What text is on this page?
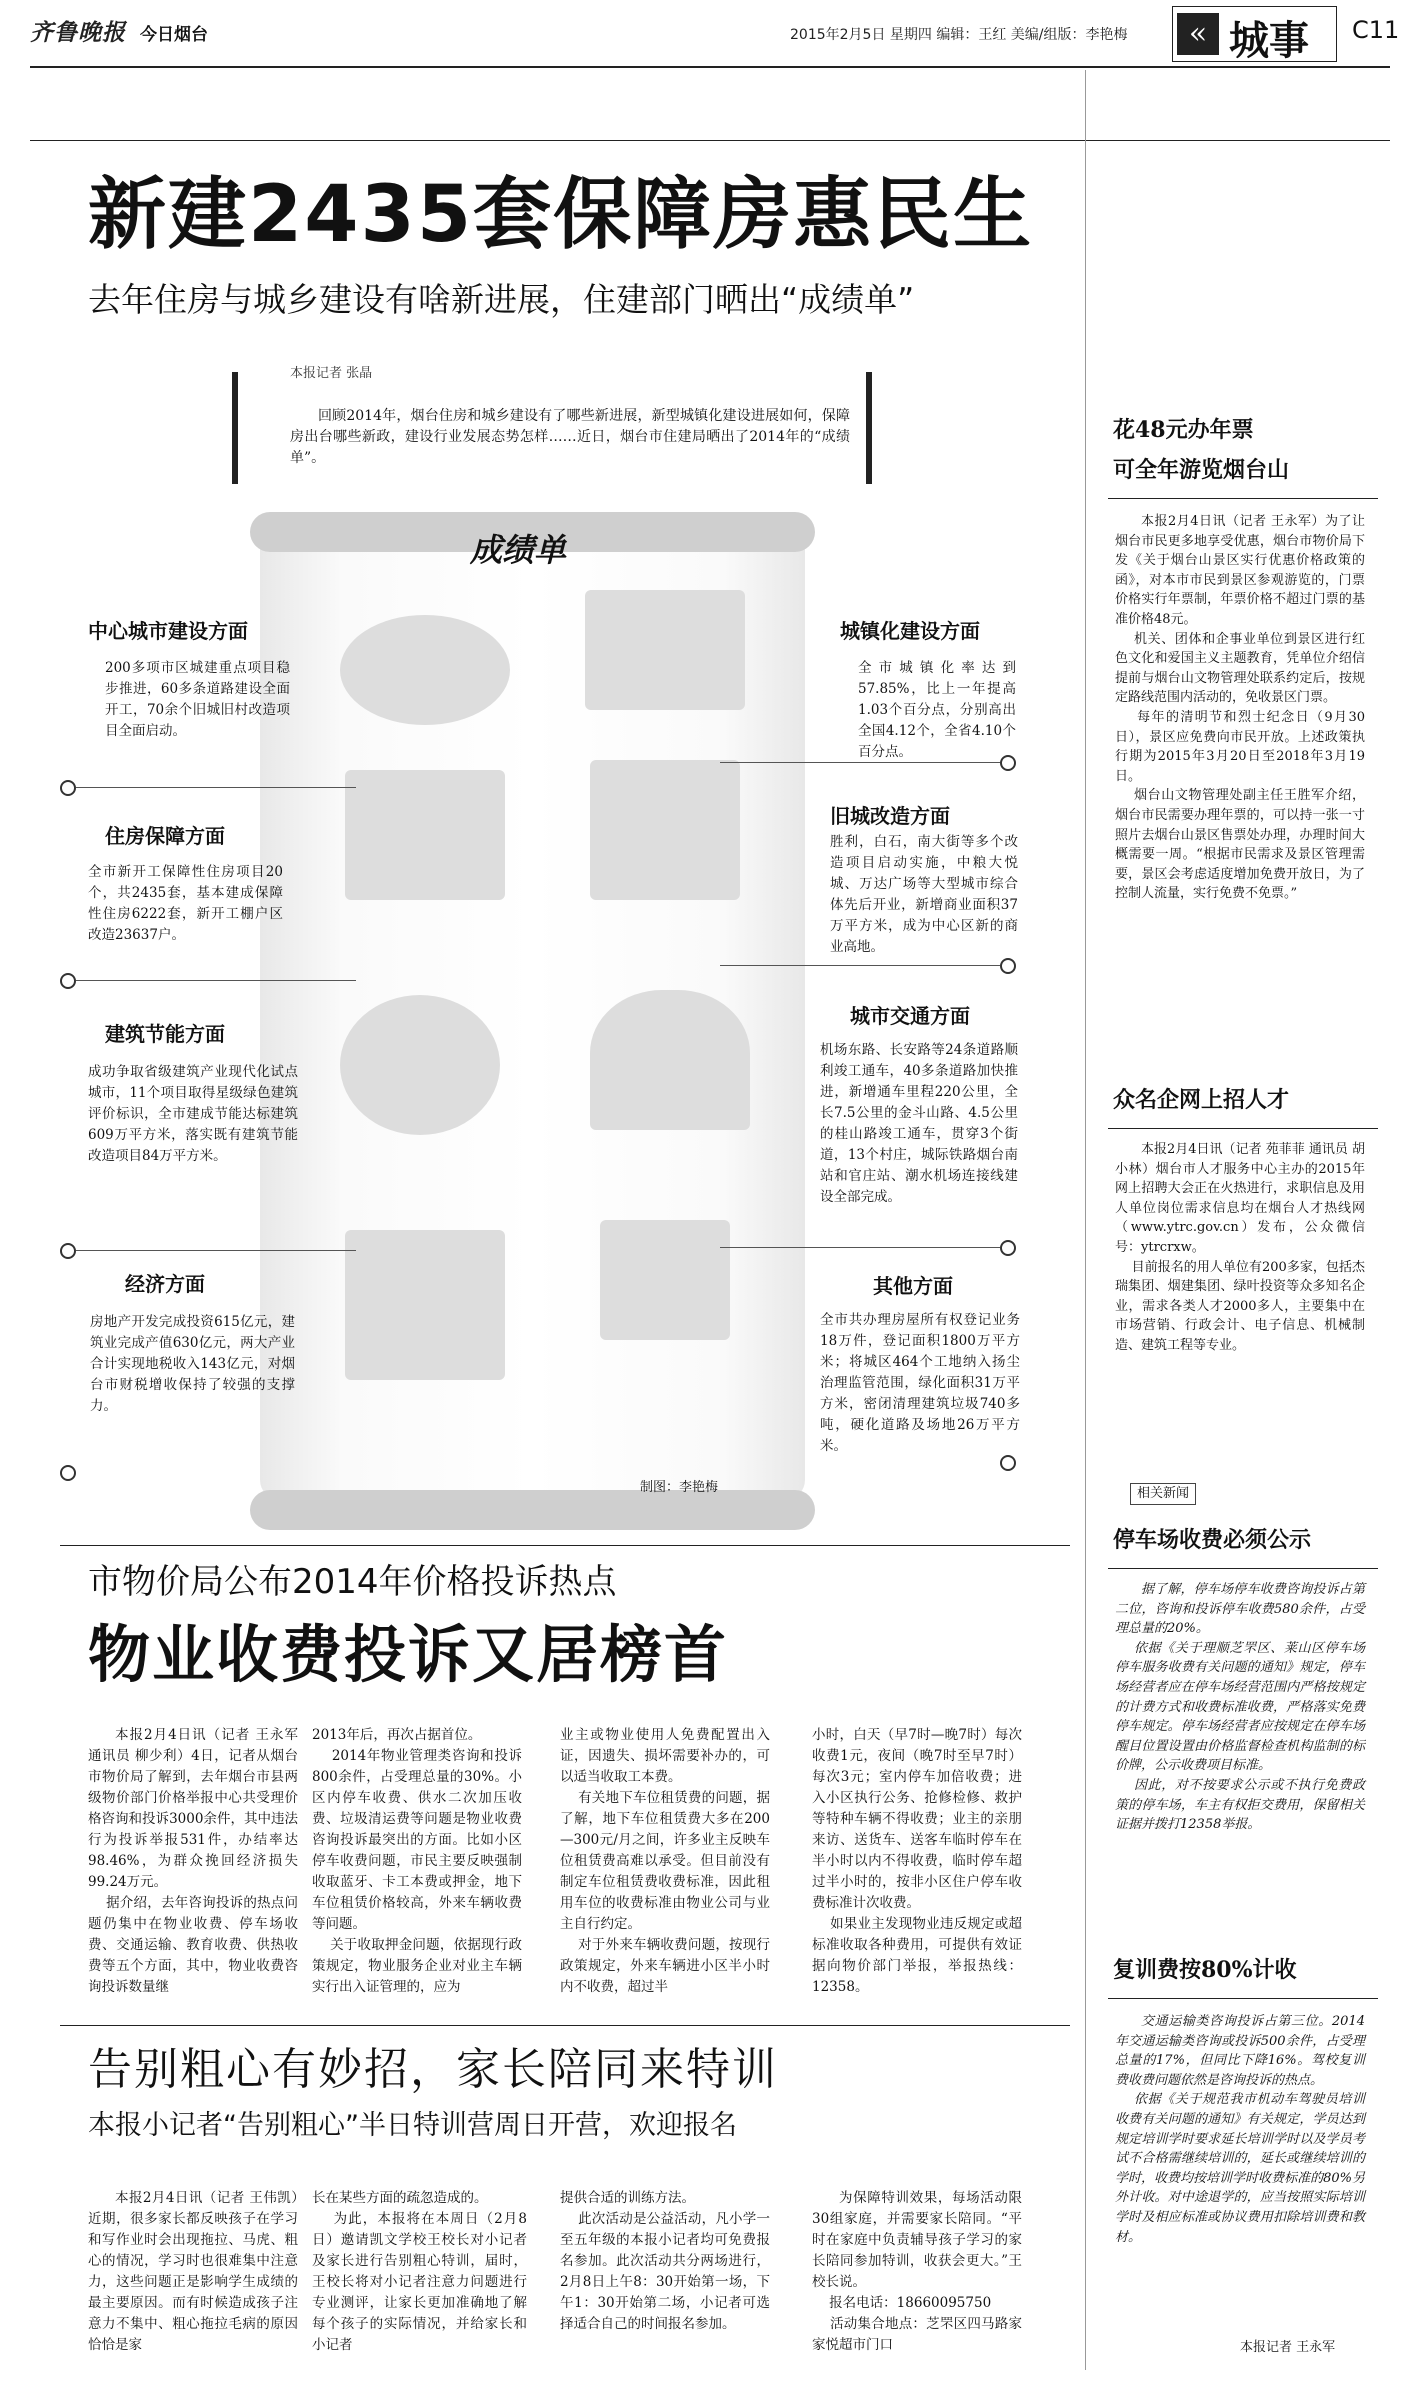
齐鲁晚报 今日烟台	2015年2月5日 星期四 编辑：王红 美编/组版：李艳梅	« 城事 C11
新建2435套保障房惠民生
去年住房与城乡建设有啥新进展，住建部门晒出“成绩单”
本报记者 张晶
回顾2014年，烟台住房和城乡建设有了哪些新进展，新型城镇化建设进展如何，保障房出台哪些新政，建设行业发展态势怎样……近日，烟台市住建局晒出了2014年的“成绩单”。
成绩单
制图：李艳梅
中心城市建设方面
200多项市区城建重点项目稳步推进，60多条道路建设全面开工，70余个旧城旧村改造项目全面启动。
住房保障方面
全市新开工保障性住房项目20个，共2435套，基本建成保障性住房6222套，新开工棚户区改造23637户。
建筑节能方面
成功争取省级建筑产业现代化试点城市，11个项目取得星级绿色建筑评价标识，全市建成节能达标建筑609万平方米，落实既有建筑节能改造项目84万平方米。
经济方面
房地产开发完成投资615亿元，建筑业完成产值630亿元，两大产业合计实现地税收入143亿元，对烟台市财税增收保持了较强的支撑力。
城镇化建设方面
全市城镇化率达到57.85%，比上一年提高1.03个百分点，分别高出全国4.12个，全省4.10个百分点。
旧城改造方面
胜利，白石，南大街等多个改造项目启动实施，中粮大悦城、万达广场等大型城市综合体先后开业，新增商业面积37万平方米，成为中心区新的商业高地。
城市交通方面
机场东路、长安路等24条道路顺利竣工通车，40多条道路加快推进，新增通车里程220公里，全长7.5公里的金斗山路、4.5公里的桂山路竣工通车，贯穿3个街道，13个村庄，城际铁路烟台南站和官庄站、潮水机场连接线建设全部完成。
其他方面
全市共办理房屋所有权登记业务18万件，登记面积1800万平方米；将城区464个工地纳入扬尘治理监管范围，绿化面积31万平方米，密闭清理建筑垃圾740多吨，硬化道路及场地26万平方米。
花48元办年票
可全年游览烟台山
本报2月4日讯（记者 王永军）为了让烟台市民更多地享受优惠，烟台市物价局下发《关于烟台山景区实行优惠价格政策的函》，对本市市民到景区参观游览的，门票价格实行年票制，年票价格不超过门票的基准价格48元。
机关、团体和企事业单位到景区进行红色文化和爱国主义主题教育，凭单位介绍信提前与烟台山文物管理处联系约定后，按规定路线范围内活动的，免收景区门票。
每年的清明节和烈士纪念日（9月30日），景区应免费向市民开放。上述政策执行期为2015年3月20日至2018年3月19日。
烟台山文物管理处副主任王胜军介绍，烟台市民需要办理年票的，可以持一张一寸照片去烟台山景区售票处办理，办理时间大概需要一周。“根据市民需求及景区管理需要，景区会考虑适度增加免费开放日，为了控制人流量，实行免费不免票。”
众名企网上招人才
本报2月4日讯（记者 苑菲菲 通讯员 胡小林）烟台市人才服务中心主办的2015年网上招聘大会正在火热进行，求职信息及用人单位岗位需求信息均在烟台人才热线网（www.ytrc.gov.cn）发布，公众微信号：ytrcrxw。
目前报名的用人单位有200多家，包括杰瑞集团、烟建集团、绿叶投资等众多知名企业，需求各类人才2000多人，主要集中在市场营销、行政会计、电子信息、机械制造、建筑工程等专业。
相关新闻
停车场收费必须公示
据了解，停车场停车收费咨询投诉占第二位，咨询和投诉停车收费580余件，占受理总量的20%。
依据《关于理顺芝罘区、莱山区停车场停车服务收费有关问题的通知》规定，停车场经营者应在停车场经营范围内严格按规定的计费方式和收费标准收费，严格落实免费停车规定。停车场经营者应按规定在停车场醒目位置设置由价格监督检查机构监制的标价牌，公示收费项目标准。
因此，对不按要求公示或不执行免费政策的停车场，车主有权拒交费用，保留相关证据并拨打12358举报。
复训费按80%计收
交通运输类咨询投诉占第三位。2014年交通运输类咨询或投诉500余件，占受理总量的17%，但同比下降16%。驾校复训费收费问题依然是咨询投诉的热点。
依据《关于规范我市机动车驾驶员培训收费有关问题的通知》有关规定，学员达到规定培训学时要求延长培训学时以及学员考试不合格需继续培训的，延长或继续培训的学时，收费均按培训学时收费标准的80%另外计收。对中途退学的，应当按照实际培训学时及相应标准或协议费用扣除培训费和教材。
本报记者 王永军
市物价局公布2014年价格投诉热点
物业收费投诉又居榜首
本报2月4日讯（记者 王永军 通讯员 柳少利）4日，记者从烟台市物价局了解到，去年烟台市县两级物价部门价格举报中心共受理价格咨询和投诉3000余件，其中违法行为投诉举报531件，办结率达98.46%，为群众挽回经济损失99.24万元。
据介绍，去年咨询投诉的热点问题仍集中在物业收费、停车场收费、交通运输、教育收费、供热收费等五个方面，其中，物业收费咨询投诉数量继
2013年后，再次占据首位。
2014年物业管理类咨询和投诉800余件，占受理总量的30%。小区内停车收费、供水二次加压收费、垃圾清运费等问题是物业收费咨询投诉最突出的方面。比如小区停车收费问题，市民主要反映强制收取蓝牙、卡工本费或押金，地下车位租赁价格较高，外来车辆收费等问题。
关于收取押金问题，依据现行政策规定，物业服务企业对业主车辆实行出入证管理的，应为
业主或物业使用人免费配置出入证，因遗失、损坏需要补办的，可以适当收取工本费。
有关地下车位租赁费的问题，据了解，地下车位租赁费大多在200—300元/月之间，许多业主反映车位租赁费高难以承受。但目前没有制定车位租赁费收费标准，因此租用车位的收费标准由物业公司与业主自行约定。
对于外来车辆收费问题，按现行政策规定，外来车辆进小区半小时内不收费，超过半
小时，白天（早7时—晚7时）每次收费1元，夜间（晚7时至早7时）每次3元；室内停车加倍收费；进入小区执行公务、抢修检修、救护等特种车辆不得收费；业主的亲朋来访、送货车、送客车临时停车在半小时以内不得收费，临时停车超过半小时的，按非小区住户停车收费标准计次收费。
如果业主发现物业违反规定或超标准收取各种费用，可提供有效证据向物价部门举报，举报热线：12358。
告别粗心有妙招，家长陪同来特训
本报小记者“告别粗心”半日特训营周日开营，欢迎报名
本报2月4日讯（记者 王伟凯）近期，很多家长都反映孩子在学习和写作业时会出现拖拉、马虎、粗心的情况，学习时也很难集中注意力，这些问题正是影响学生成绩的最主要原因。而有时候造成孩子注意力不集中、粗心拖拉毛病的原因恰恰是家
长在某些方面的疏忽造成的。
为此，本报将在本周日（2月8日）邀请凯文学校王校长对小记者及家长进行告别粗心特训，届时，王校长将对小记者注意力问题进行专业测评，让家长更加准确地了解每个孩子的实际情况，并给家长和小记者
提供合适的训练方法。
此次活动是公益活动，凡小学一至五年级的本报小记者均可免费报名参加。此次活动共分两场进行，2月8日上午8：30开始第一场，下午1：30开始第二场，小记者可选择适合自己的时间报名参加。
为保障特训效果，每场活动限30组家庭，并需要家长陪同。“平时在家庭中负责辅导孩子学习的家长陪同参加特训，收获会更大。”王校长说。
报名电话：18660095750
活动集合地点：芝罘区四马路家家悦超市门口
